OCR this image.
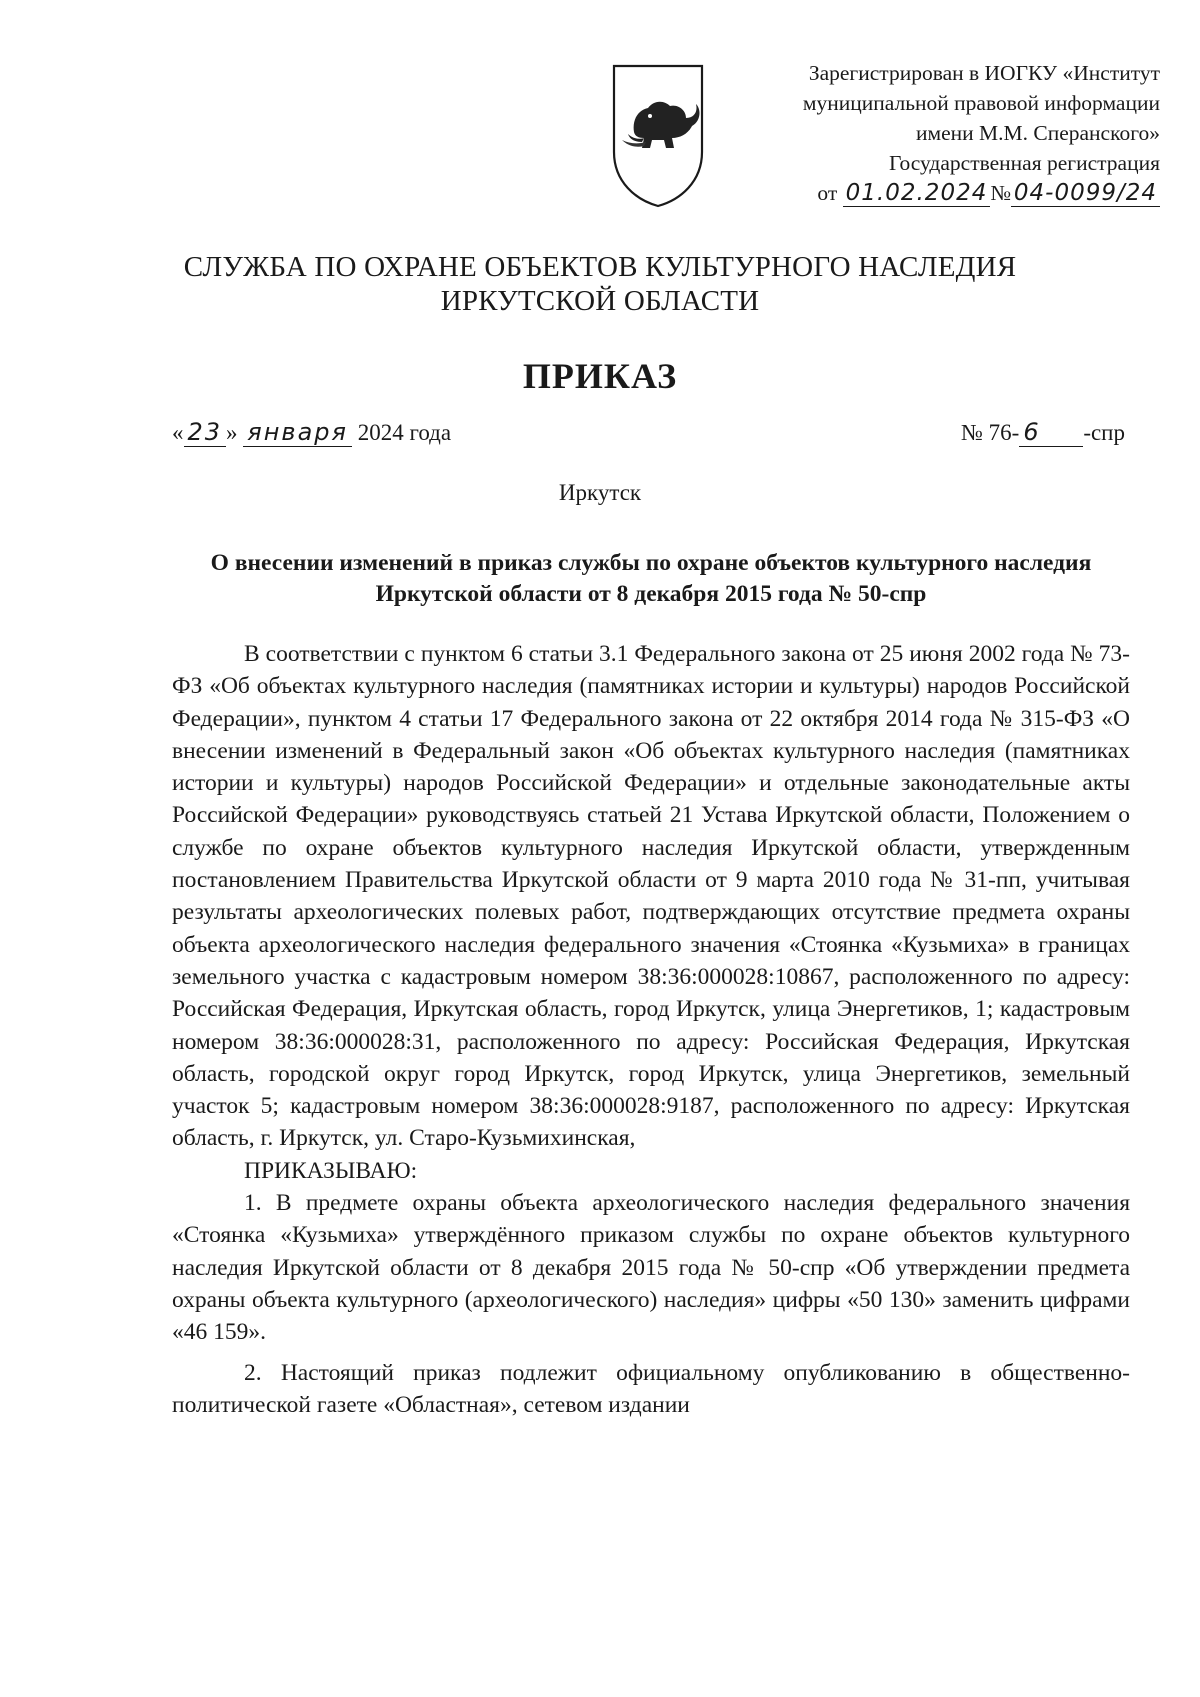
Зарегистрирован в ИОГКУ «Институт
муниципальной правовой информации
имени М.М. Сперанского»
Государственная регистрация
от 01.02.2024 № 04-0099/24
СЛУЖБА ПО ОХРАНЕ ОБЪЕКТОВ КУЛЬТУРНОГО НАСЛЕДИЯ
ИРКУТСКОЙ ОБЛАСТИ
ПРИКАЗ
« 23 » января 2024 года	№ 76- 6 -спр
Иркутск
О внесении изменений в приказ службы по охране объектов культурного наследия Иркутской области от 8 декабря 2015 года № 50-спр

В соответствии с пунктом 6 статьи 3.1 Федерального закона от 25 июня 2002 года № 73-ФЗ «Об объектах культурного наследия (памятниках истории и культуры) народов Российской Федерации», пунктом 4 статьи 17 Федерального закона от 22 октября 2014 года № 315-ФЗ «О внесении изменений в Федеральный закон «Об объектах культурного наследия (памятниках истории и культуры) народов Российской Федерации» и отдельные законодательные акты Российской Федерации» руководствуясь статьей 21 Устава Иркутской области, Положением о службе по охране объектов культурного наследия Иркутской области, утвержденным постановлением Правительства Иркутской области от 9 марта 2010 года № 31-пп, учитывая результаты археологических полевых работ, подтверждающих отсутствие предмета охраны объекта археологического наследия федерального значения «Стоянка «Кузьмиха» в границах земельного участка с кадастровым номером 38:36:000028:10867, расположенного по адресу: Российская Федерация, Иркутская область, город Иркутск, улица Энергетиков, 1; кадастровым номером 38:36:000028:31, расположенного по адресу: Российская Федерация, Иркутская область, городской округ город Иркутск, город Иркутск, улица Энергетиков, земельный участок 5; кадастровым номером 38:36:000028:9187, расположенного по адресу: Иркутская область, г. Иркутск, ул. Старо-Кузьмихинская,

ПРИКАЗЫВАЮ:

1. В предмете охраны объекта археологического наследия федерального значения «Стоянка «Кузьмиха» утверждённого приказом службы по охране объектов культурного наследия Иркутской области от 8 декабря 2015 года № 50-спр «Об утверждении предмета охраны объекта культурного (археологического) наследия» цифры «50 130» заменить цифрами «46 159».

2. Настоящий приказ подлежит официальному опубликованию в общественно-политической газете «Областная», сетевом издании
